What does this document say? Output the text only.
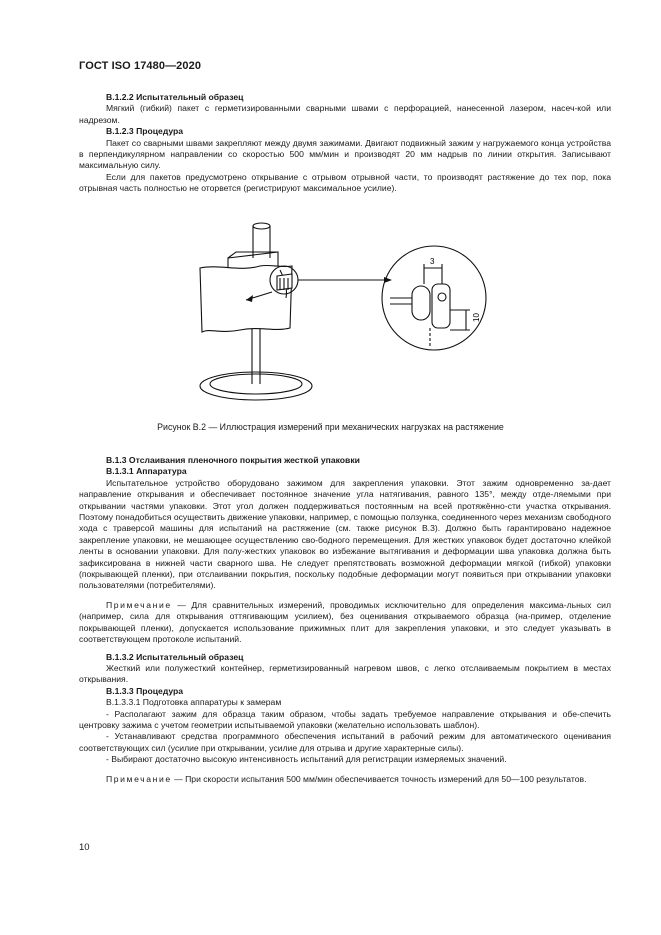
ГОСТ ISO 17480—2020

B.1.2.2 Испытательный образец

Мягкий (гибкий) пакет с герметизированными сварными швами с перфорацией, нанесенной лазером, насеч-кой или надрезом.

B.1.2.3 Процедура

Пакет со сварными швами закрепляют между двумя зажимами. Двигают подвижный зажим у нагружаемого конца устройства в перпендикулярном направлении со скоростью 500 мм/мин и производят 20 мм надрыв по линии открытия. Записывают максимальную силу.

Если для пакетов предусмотрено открывание с отрывом отрывной части, то производят растяжение до тех пор, пока отрывная часть полностью не оторвется (регистрируют максимальное усилие).

3
10
Рисунок B.2 — Иллюстрация измерений при механических нагрузках на растяжение

B.1.3 Отслаивания пленочного покрытия жесткой упаковки

B.1.3.1 Аппаратура

Испытательное устройство оборудовано зажимом для закрепления упаковки. Этот зажим одновременно за-дает направление открывания и обеспечивает постоянное значение угла натягивания, равного 135°, между отде-ляемыми при открывании частями упаковки. Этот угол должен поддерживаться постоянным на всей протяжённо-сти участка открывания. Поэтому понадобиться осуществить движение упаковки, например, с помощью ползунка, соединенного через механизм свободного хода с траверсой машины для испытаний на растяжение (см. также рисунок B.3). Должно быть гарантировано надежное закрепление упаковки, не мешающее осуществлению сво-бодного перемещения. Для жестких упаковок будет достаточно клейкой ленты в основании упаковки. Для полу-жестких упаковок во избежание вытягивания и деформации шва упаковка должна быть зафиксирована в нижней части сварного шва. Не следует препятствовать возможной деформации мягкой (гибкой) упаковки (покрывающей пленки), при отслаивании покрытия, поскольку подобные деформации могут появиться при открывании упаковки пользователями (потребителями).

Примечание — Для сравнительных измерений, проводимых исключительно для определения максима-льных сил (например, сила для открывания оттягивающим усилием), без оценивания открываемого образца (на-пример, отделение покрывающей пленки), допускается использование прижимных плит для закрепления упаковки, и это следует указывать в соответствующем протоколе испытаний.

B.1.3.2 Испытательный образец

Жесткий или полужесткий контейнер, герметизированный нагревом швов, с легко отслаиваемым покрытием в местах открывания.

B.1.3.3 Процедура

B.1.3.3.1 Подготовка аппаратуры к замерам

- Располагают зажим для образца таким образом, чтобы задать требуемое направление открывания и обе-спечить центровку зажима с учетом геометрии испытываемой упаковки (желательно использовать шаблон).

- Устанавливают средства программного обеспечения испытаний в рабочий режим для автоматического оценивания соответствующих сил (усилие при открывании, усилие для отрыва и другие характерные силы).

- Выбирают достаточно высокую интенсивность испытаний для регистрации измеряемых значений.

Примечание — При скорости испытания 500 мм/мин обеспечивается точность измерений для 50—100 результатов.

10
